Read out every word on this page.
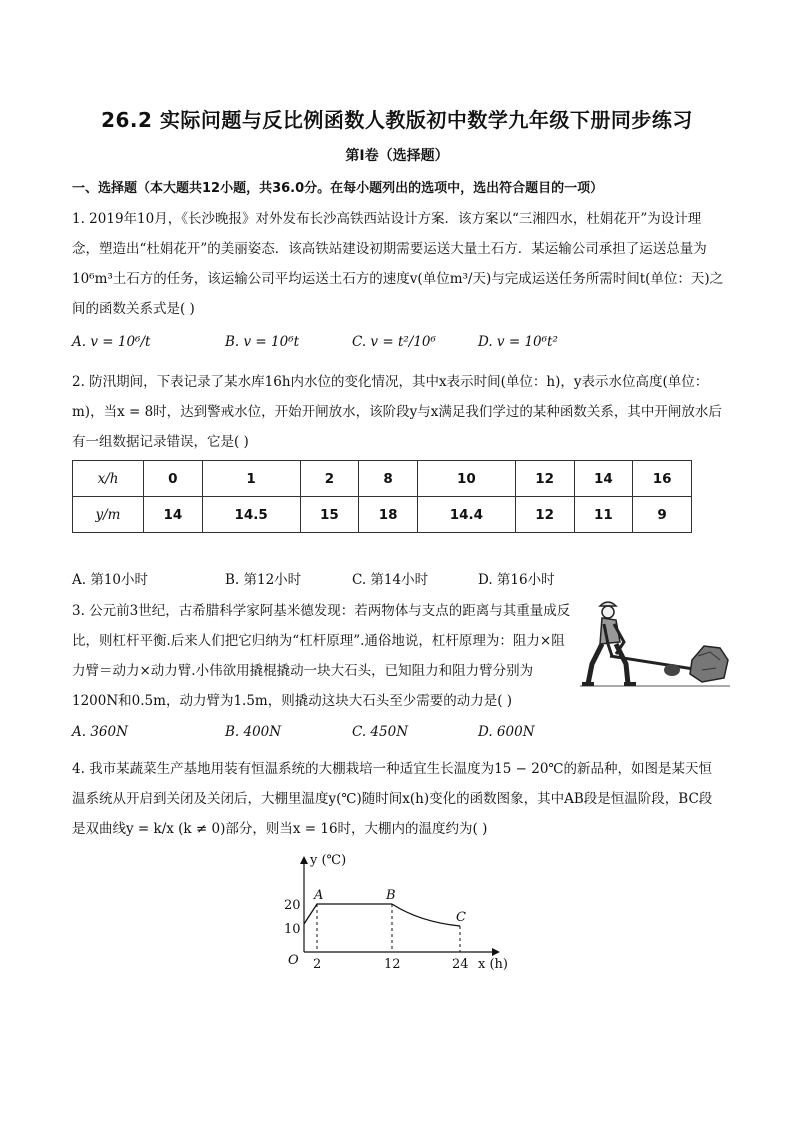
26.2 实际问题与反比例函数人教版初中数学九年级下册同步练习
第I卷（选择题）
一、选择题（本大题共12小题，共36.0分。在每小题列出的选项中，选出符合题目的一项）
1. 2019年10月，《长沙晚报》对外发布长沙高铁西站设计方案．该方案以“三湘四水，杜娟花开”为设计理念，塑造出“杜娟花开”的美丽姿态．该高铁站建设初期需要运送大量土石方．某运输公司承担了运送总量为10⁶m³土石方的任务，该运输公司平均运送土石方的速度v(单位m³/天)与完成运送任务所需时间t(单位：天)之间的函数关系式是( )
A. v = 10⁶/t	B. v = 10⁶t	C. v = t²/10⁶	D. v = 10⁶t²
2. 防汛期间，下表记录了某水库16h内水位的变化情况，其中x表示时间(单位：h)，y表示水位高度(单位：m)，当x = 8时，达到警戒水位，开始开闸放水，该阶段y与x满足我们学过的某种函数关系，其中开闸放水后有一组数据记录错误，它是( )
x/h	0	1	2	8	10	12	14	16
y/m	14	14.5	15	18	14.4	12	11	9
A. 第10小时	B. 第12小时	C. 第14小时	D. 第16小时
3. 公元前3世纪，古希腊科学家阿基米德发现：若两物体与支点的距离与其重量成反比，则杠杆平衡.后来人们把它归纳为“杠杆原理”.通俗地说，杠杆原理为：阻力×阻力臂＝动力×动力臂.小伟欲用撬棍撬动一块大石头，已知阻力和阻力臂分别为1200N和0.5m，动力臂为1.5m，则撬动这块大石头至少需要的动力是( )
A. 360N	B. 400N	C. 450N	D. 600N
4. 我市某蔬菜生产基地用装有恒温系统的大棚栽培一种适宜生长温度为15 − 20℃的新品种，如图是某天恒温系统从开启到关闭及关闭后，大棚里温度y(℃)随时间x(h)变化的函数图象，其中AB段是恒温阶段，BC段是双曲线y = k/x (k ≠ 0)部分，则当x = 16时，大棚内的温度约为( )
y (℃)
x (h)
O
20
10
2	12	24
A	B
C
